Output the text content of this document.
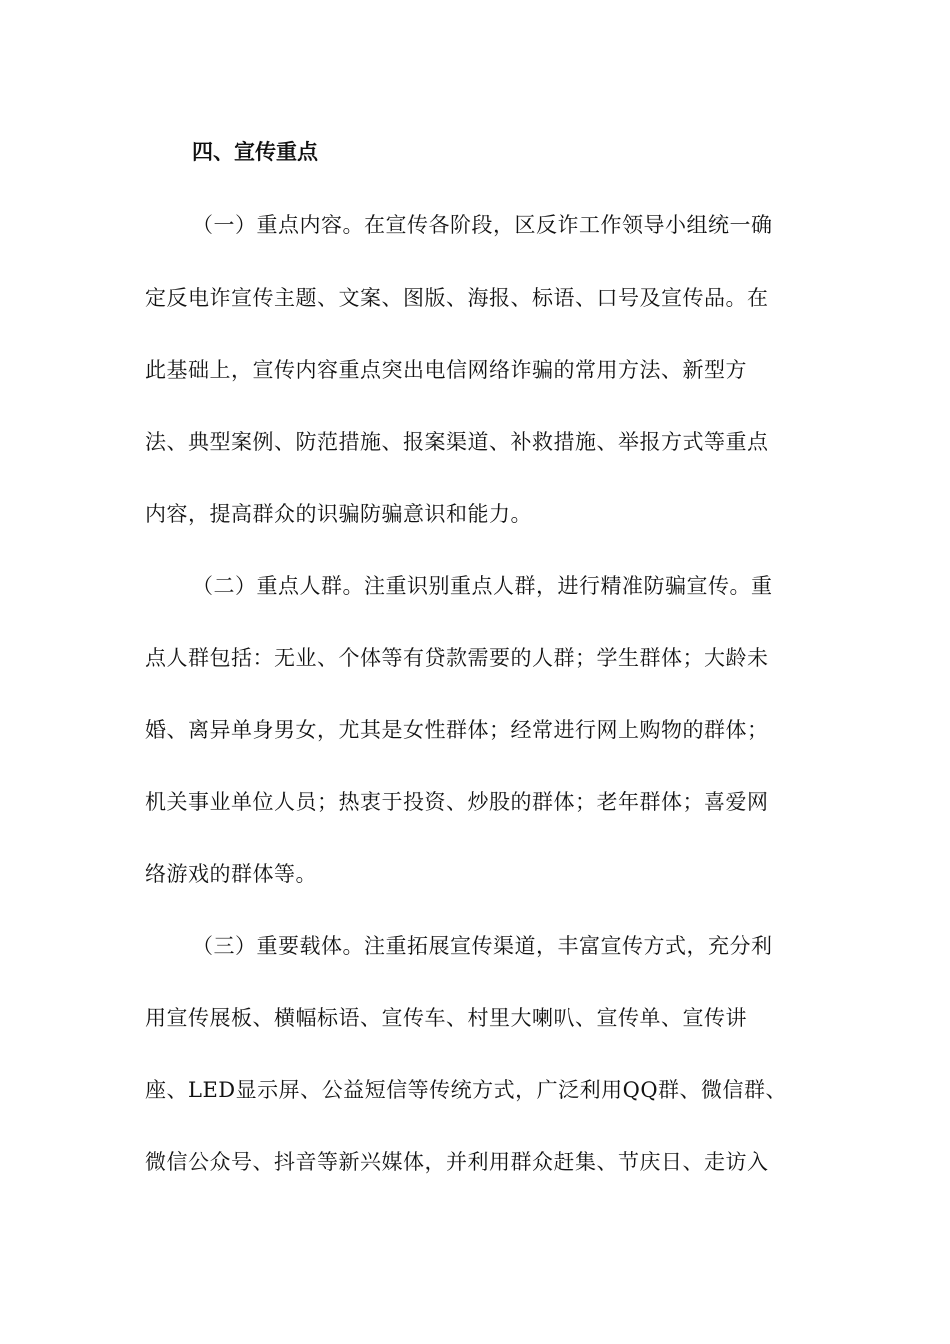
四、宣传重点
（一）重点内容。在宣传各阶段，区反诈工作领导小组统一确
定反电诈宣传主题、文案、图版、海报、标语、口号及宣传品。在
此基础上，宣传内容重点突出电信网络诈骗的常用方法、新型方
法、典型案例、防范措施、报案渠道、补救措施、举报方式等重点
内容，提高群众的识骗防骗意识和能力。
（二）重点人群。注重识别重点人群，进行精准防骗宣传。重
点人群包括：无业、个体等有贷款需要的人群；学生群体；大龄未
婚、离异单身男女，尤其是女性群体；经常进行网上购物的群体；
机关事业单位人员；热衷于投资、炒股的群体；老年群体；喜爱网
络游戏的群体等。
（三）重要载体。注重拓展宣传渠道，丰富宣传方式，充分利
用宣传展板、横幅标语、宣传车、村里大喇叭、宣传单、宣传讲
座、LED显示屏、公益短信等传统方式，广泛利用QQ群、微信群、
微信公众号、抖音等新兴媒体，并利用群众赶集、节庆日、走访入
